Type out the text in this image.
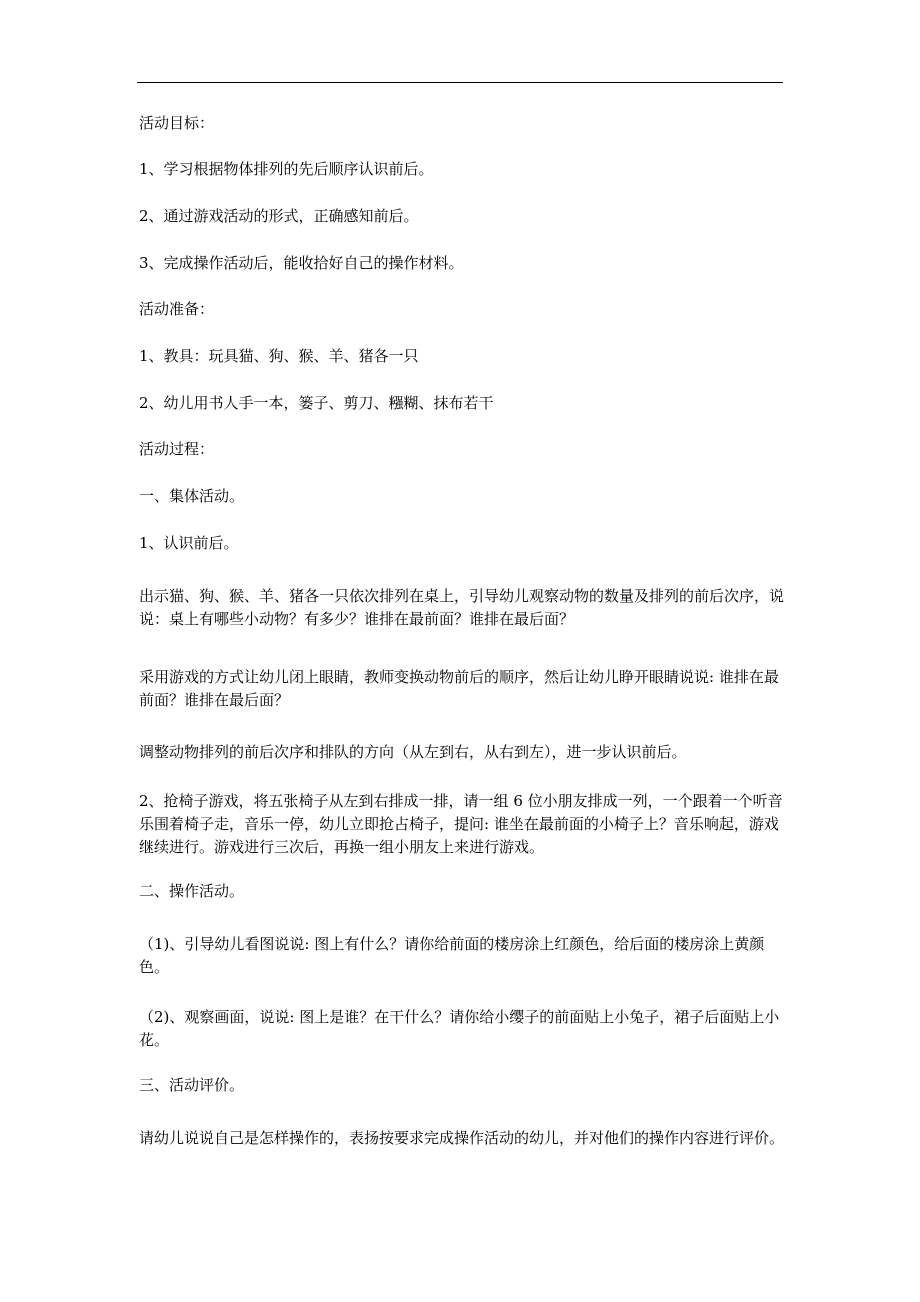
活动目标：

1、学习根据物体排列的先后顺序认识前后。

2、通过游戏活动的形式，正确感知前后。

3、完成操作活动后，能收拾好自己的操作材料。

活动准备：

1、教具：玩具猫、狗、猴、羊、猪各一只

2、幼儿用书人手一本，篓子、剪刀、糨糊、抹布若干

活动过程：

一、集体活动。

1、认识前后。

出示猫、狗、猴、羊、猪各一只依次排列在桌上，引导幼儿观察动物的数量及排列的前后次序，说说：桌上有哪些小动物？有多少？谁排在最前面？谁排在最后面？

采用游戏的方式让幼儿闭上眼睛，教师变换动物前后的顺序，然后让幼儿睁开眼睛说说: 谁排在最前面？谁排在最后面？

调整动物排列的前后次序和排队的方向（从左到右，从右到左），进一步认识前后。

2、抢椅子游戏，将五张椅子从左到右排成一排，请一组 6 位小朋友排成一列，一个跟着一个听音乐围着椅子走，音乐一停，幼儿立即抢占椅子，提问: 谁坐在最前面的小椅子上？音乐响起，游戏继续进行。游戏进行三次后，再换一组小朋友上来进行游戏。

二、操作活动。

（1)、引导幼儿看图说说: 图上有什么？请你给前面的楼房涂上红颜色，给后面的楼房涂上黄颜色。

（2)、观察画面，说说: 图上是谁？在干什么？请你给小缨子的前面贴上小兔子，裙子后面贴上小花。

三、活动评价。

请幼儿说说自己是怎样操作的，表扬按要求完成操作活动的幼儿，并对他们的操作内容进行评价。
